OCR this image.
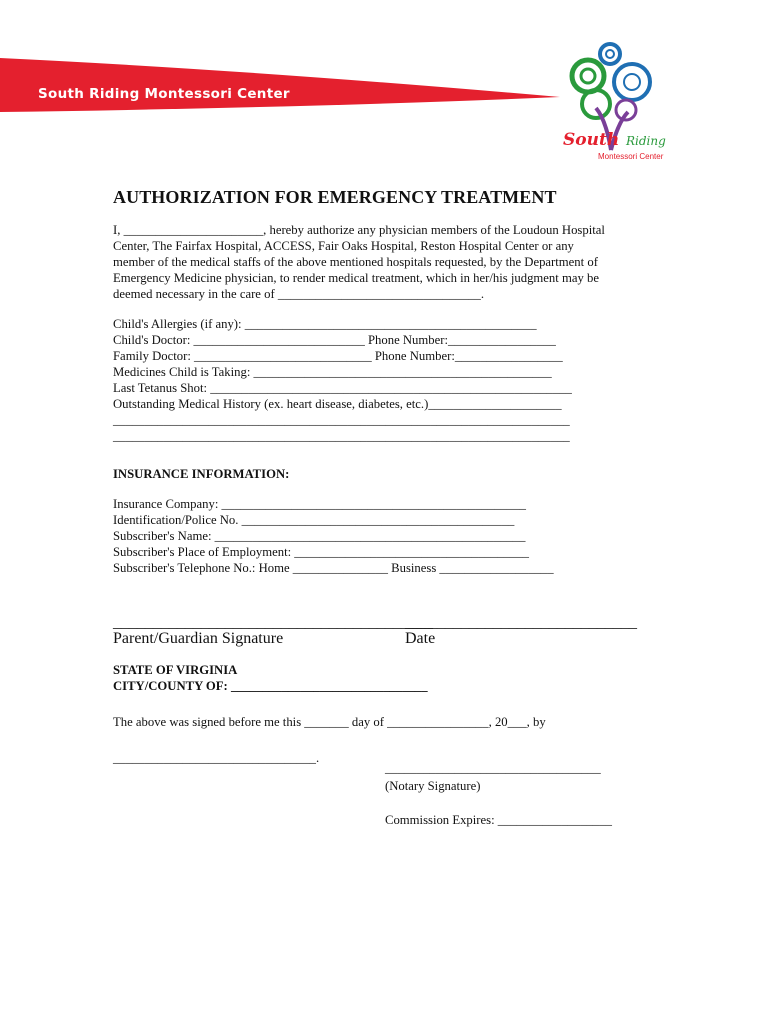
South Riding Montessori Center
South Riding
Montessori Center
AUTHORIZATION FOR EMERGENCY TREATMENT
I, ______________________, hereby authorize any physician members of the Loudoun Hospital
Center, The Fairfax Hospital, ACCESS, Fair Oaks Hospital, Reston Hospital Center or any
member of the medical staffs of the above mentioned hospitals requested, by the Department of
Emergency Medicine physician, to render medical treatment, which in her/his judgment may be
deemed necessary in the care of ________________________________.
Child's Allergies (if any): ______________________________________________
Child's Doctor: ___________________________ Phone Number:_________________
Family Doctor: ____________________________ Phone Number:_________________
Medicines Child is Taking: _______________________________________________
Last Tetanus Shot: _________________________________________________________
Outstanding Medical History (ex. heart disease, diabetes, etc.)_____________________
________________________________________________________________________
________________________________________________________________________
INSURANCE INFORMATION:
Insurance Company: ________________________________________________
Identification/Police No. ___________________________________________
Subscriber's Name: _________________________________________________
Subscriber's Place of Employment: _____________________________________
Subscriber's Telephone No.: Home _______________ Business __________________
________________________________________
_____________________________
Parent/Guardian Signature	Date
STATE OF VIRGINIA
CITY/COUNTY OF: _______________________________
The above was signed before me this _______ day of ________________, 20___, by
________________________________.
__________________________________
(Notary Signature)
Commission Expires: __________________
